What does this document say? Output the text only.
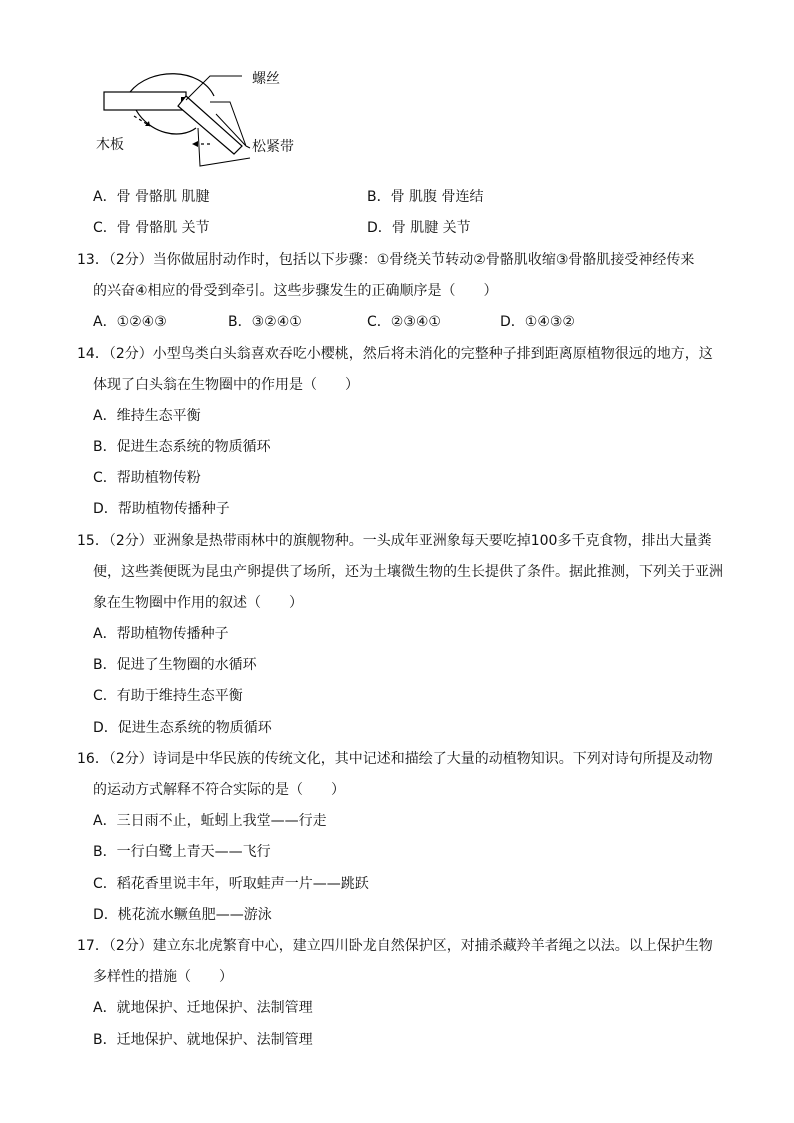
螺丝
木板	松紧带
A．骨 骨骼肌 肌腱	B．骨 肌腹 骨连结
C．骨 骨骼肌 关节	D．骨 肌腱 关节
13．（2分）当你做屈肘动作时，包括以下步骤：①骨绕关节转动②骨骼肌收缩③骨骼肌接受神经传来
的兴奋④相应的骨受到牵引。这些步骤发生的正确顺序是（　　）
A．①②④③	B．③②④①	C．②③④①	D．①④③②
14．（2分）小型鸟类白头翁喜欢吞吃小樱桃，然后将未消化的完整种子排到距离原植物很远的地方，这
体现了白头翁在生物圈中的作用是（　　）
A．维持生态平衡
B．促进生态系统的物质循环
C．帮助植物传粉
D．帮助植物传播种子
15．（2分）亚洲象是热带雨林中的旗舰物种。一头成年亚洲象每天要吃掉100多千克食物，排出大量粪
便，这些粪便既为昆虫产卵提供了场所，还为土壤微生物的生长提供了条件。据此推测，下列关于亚洲
象在生物圈中作用的叙述（　　）
A．帮助植物传播种子
B．促进了生物圈的水循环
C．有助于维持生态平衡
D．促进生态系统的物质循环
16．（2分）诗词是中华民族的传统文化，其中记述和描绘了大量的动植物知识。下列对诗句所提及动物
的运动方式解释不符合实际的是（　　）
A．三日雨不止，蚯蚓上我堂——行走
B．一行白鹭上青天——飞行
C．稻花香里说丰年，听取蛙声一片——跳跃
D．桃花流水鳜鱼肥——游泳
17．（2分）建立东北虎繁育中心，建立四川卧龙自然保护区，对捕杀藏羚羊者绳之以法。以上保护生物
多样性的措施（　　）
A．就地保护、迁地保护、法制管理
B．迁地保护、就地保护、法制管理
